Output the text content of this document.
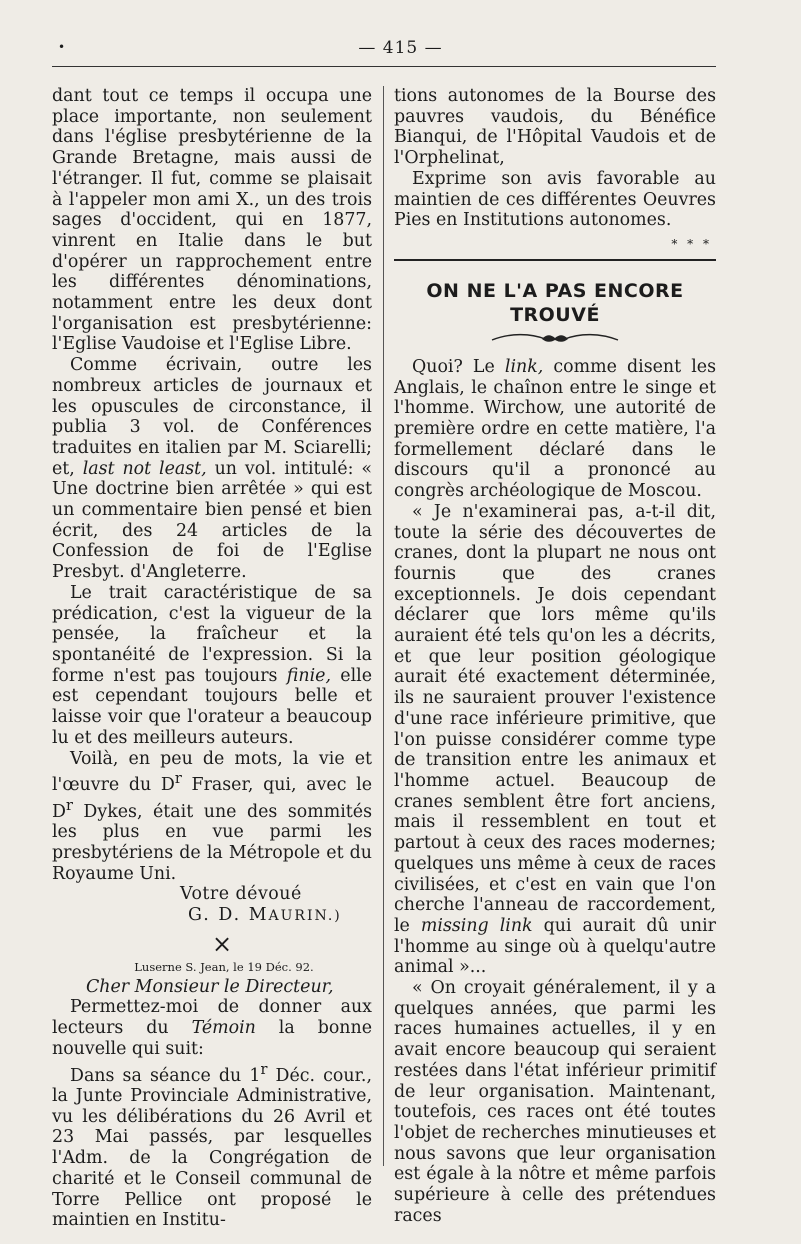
•	— 415 —

dant tout ce temps il occupa une place importante, non seulement dans l'église presbytérienne de la Grande Bretagne, mais aussi de l'étranger. Il fut, comme se plaisait à l'appeler mon ami X., un des trois sages d'occident, qui en 1877, vinrent en Italie dans le but d'opérer un rapprochement entre les différentes dénominations, notamment entre les deux dont l'organisation est presbytérienne: l'Eglise Vaudoise et l'Eglise Libre.

Comme écrivain, outre les nombreux articles de journaux et les opuscules de circonstance, il publia 3 vol. de Conférences traduites en italien par M. Sciarelli; et, last not least, un vol. intitulé: « Une doctrine bien arrêtée » qui est un commentaire bien pensé et bien écrit, des 24 articles de la Confession de foi de l'Eglise Presbyt. d'Angleterre.

Le trait caractéristique de sa prédication, c'est la vigueur de la pensée, la fraîcheur et la spontanéité de l'expression. Si la forme n'est pas toujours finie, elle est cependant toujours belle et laisse voir que l'orateur a beaucoup lu et des meilleurs auteurs.

Voilà, en peu de mots, la vie et l'œuvre du $D^r$ Fraser, qui, avec le $D^r$ Dykes, était une des sommités les plus en vue parmi les presbytériens de la Métropole et du Royaume Uni.

Votre dévoué

G. D. MAURIN.)

×
Luserne S. Jean, le 19 Déc. 92.

Cher Monsieur le Directeur,

Permettez-moi de donner aux lecteurs du Témoin la bonne nouvelle qui suit:

Dans sa séance du 1$^r$ Déc. cour., la Junte Provinciale Administrative, vu les délibérations du 26 Avril et 23 Mai passés, par lesquelles l'Adm. de la Congrégation de charité et le Conseil communal de Torre Pellice ont proposé le maintien en Institu-

tions autonomes de la Bourse des pauvres vaudois, du Bénéfice Bianqui, de l'Hôpital Vaudois et de l'Orphelinat,

Exprime son avis favorable au maintien de ces différentes Oeuvres Pies en Institutions autonomes.

* * *
ON NE L'A PAS ENCORE TROUVÉ

Quoi? Le link, comme disent les Anglais, le chaînon entre le singe et l'homme. Wirchow, une autorité de première ordre en cette matière, l'a formellement déclaré dans le discours qu'il a prononcé au congrès archéologique de Moscou.

« Je n'examinerai pas, a-t-il dit, toute la série des découvertes de cranes, dont la plupart ne nous ont fournis que des cranes exceptionnels. Je dois cependant déclarer que lors même qu'ils auraient été tels qu'on les a décrits, et que leur position géologique aurait été exactement déterminée, ils ne sauraient prouver l'existence d'une race inférieure primitive, que l'on puisse considérer comme type de transition entre les animaux et l'homme actuel. Beaucoup de cranes semblent être fort anciens, mais il ressemblent en tout et partout à ceux des races modernes; quelques uns même à ceux de races civilisées, et c'est en vain que l'on cherche l'anneau de raccordement, le missing link qui aurait dû unir l'homme au singe où à quelqu'autre animal »...

« On croyait généralement, il y a quelques années, que parmi les races humaines actuelles, il y en avait encore beaucoup qui seraient restées dans l'état inférieur primitif de leur organisation. Maintenant, toutefois, ces races ont été toutes l'objet de recherches minutieuses et nous savons que leur organisation est égale à la nôtre et même parfois supérieure à celle des prétendues races
